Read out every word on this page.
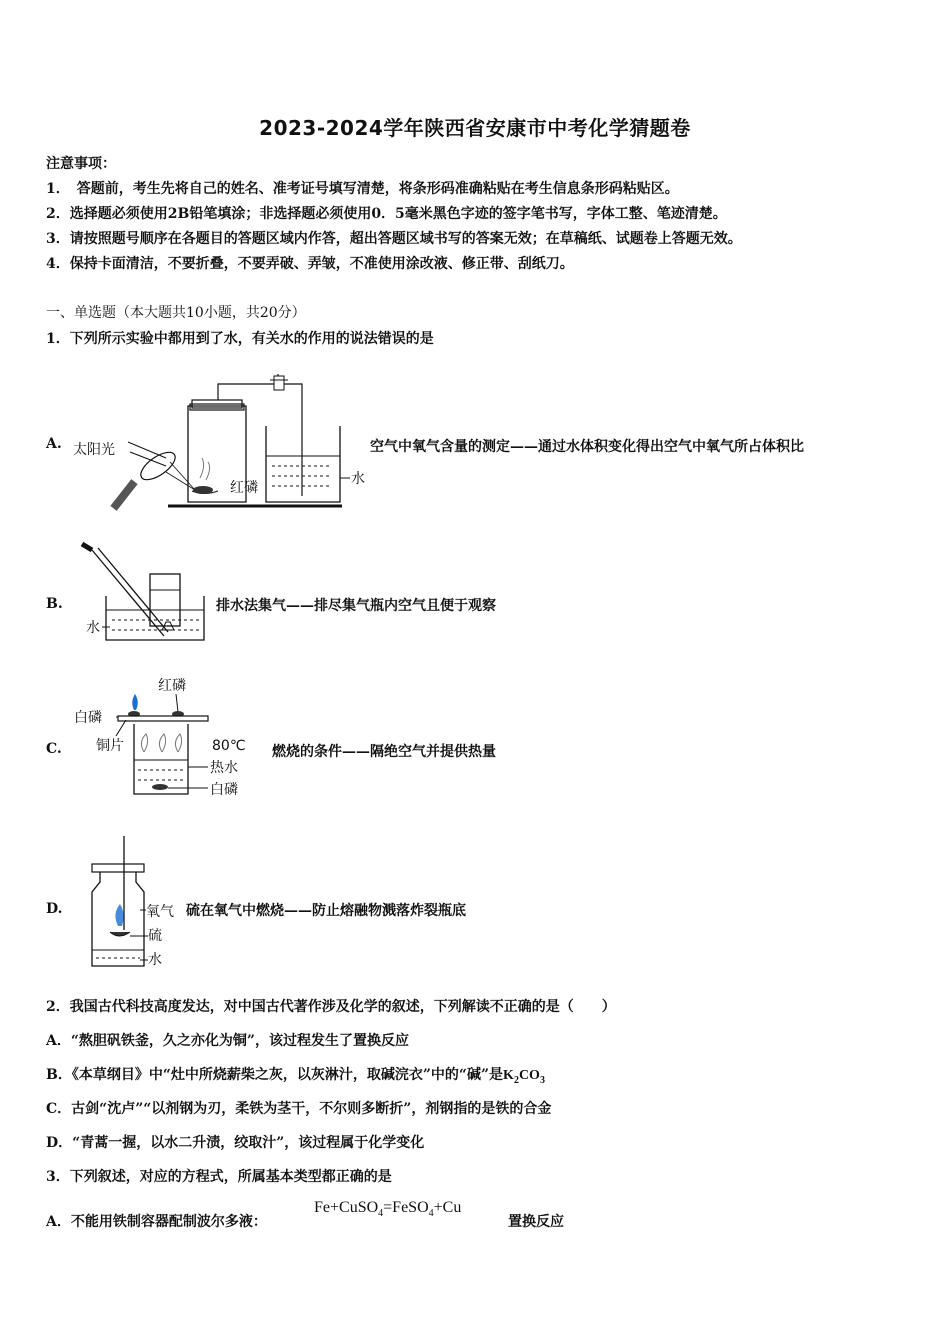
2023-2024学年陕西省安康市中考化学猜题卷
注意事项：
1．　答题前，考生先将自己的姓名、准考证号填写清楚，将条形码准确粘贴在考生信息条形码粘贴区。
2．选择题必须使用2B铅笔填涂；非选择题必须使用0．5毫米黑色字迹的签字笔书写，字体工整、笔迹清楚。
3．请按照题号顺序在各题目的答题区域内作答，超出答题区域书写的答案无效；在草稿纸、试题卷上答题无效。
4．保持卡面清洁，不要折叠，不要弄破、弄皱，不准使用涂改液、修正带、刮纸刀。
一、单选题（本大题共10小题，共20分）
1．下列所示实验中都用到了水，有关水的作用的说法错误的是
A. 太阳光
红磷
水
空气中氧气含量的测定——通过水体积变化得出空气中氧气所占体积比
B.
水
排水法集气——排尽集气瓶内空气且便于观察
C.
红磷
白磷
铜片	80℃
热水
白磷
燃烧的条件——隔绝空气并提供热量
D.	氧气
硫
水
硫在氧气中燃烧——防止熔融物溅落炸裂瓶底
2．我国古代科技高度发达，对中国古代著作涉及化学的叙述，下列解读不正确的是（　　）
A．“熬胆矾铁釜，久之亦化为铜”，该过程发生了置换反应
B．《本草纲目》中“灶中所烧薪柴之灰，以灰淋汁，取碱浣衣”中的“碱”是$K_2CO_3$
C．古剑“沈卢”“以剂钢为刃，柔铁为茎干，不尔则多断折”，剂钢指的是铁的合金
D．“青蒿一握，以水二升渍，绞取汁”，该过程属于化学变化
3．下列叙述，对应的方程式，所属基本类型都正确的是
A．不能用铁制容器配制波尔多液：
Fe+CuSO$_4$=FeSO$_4$+Cu
置换反应
